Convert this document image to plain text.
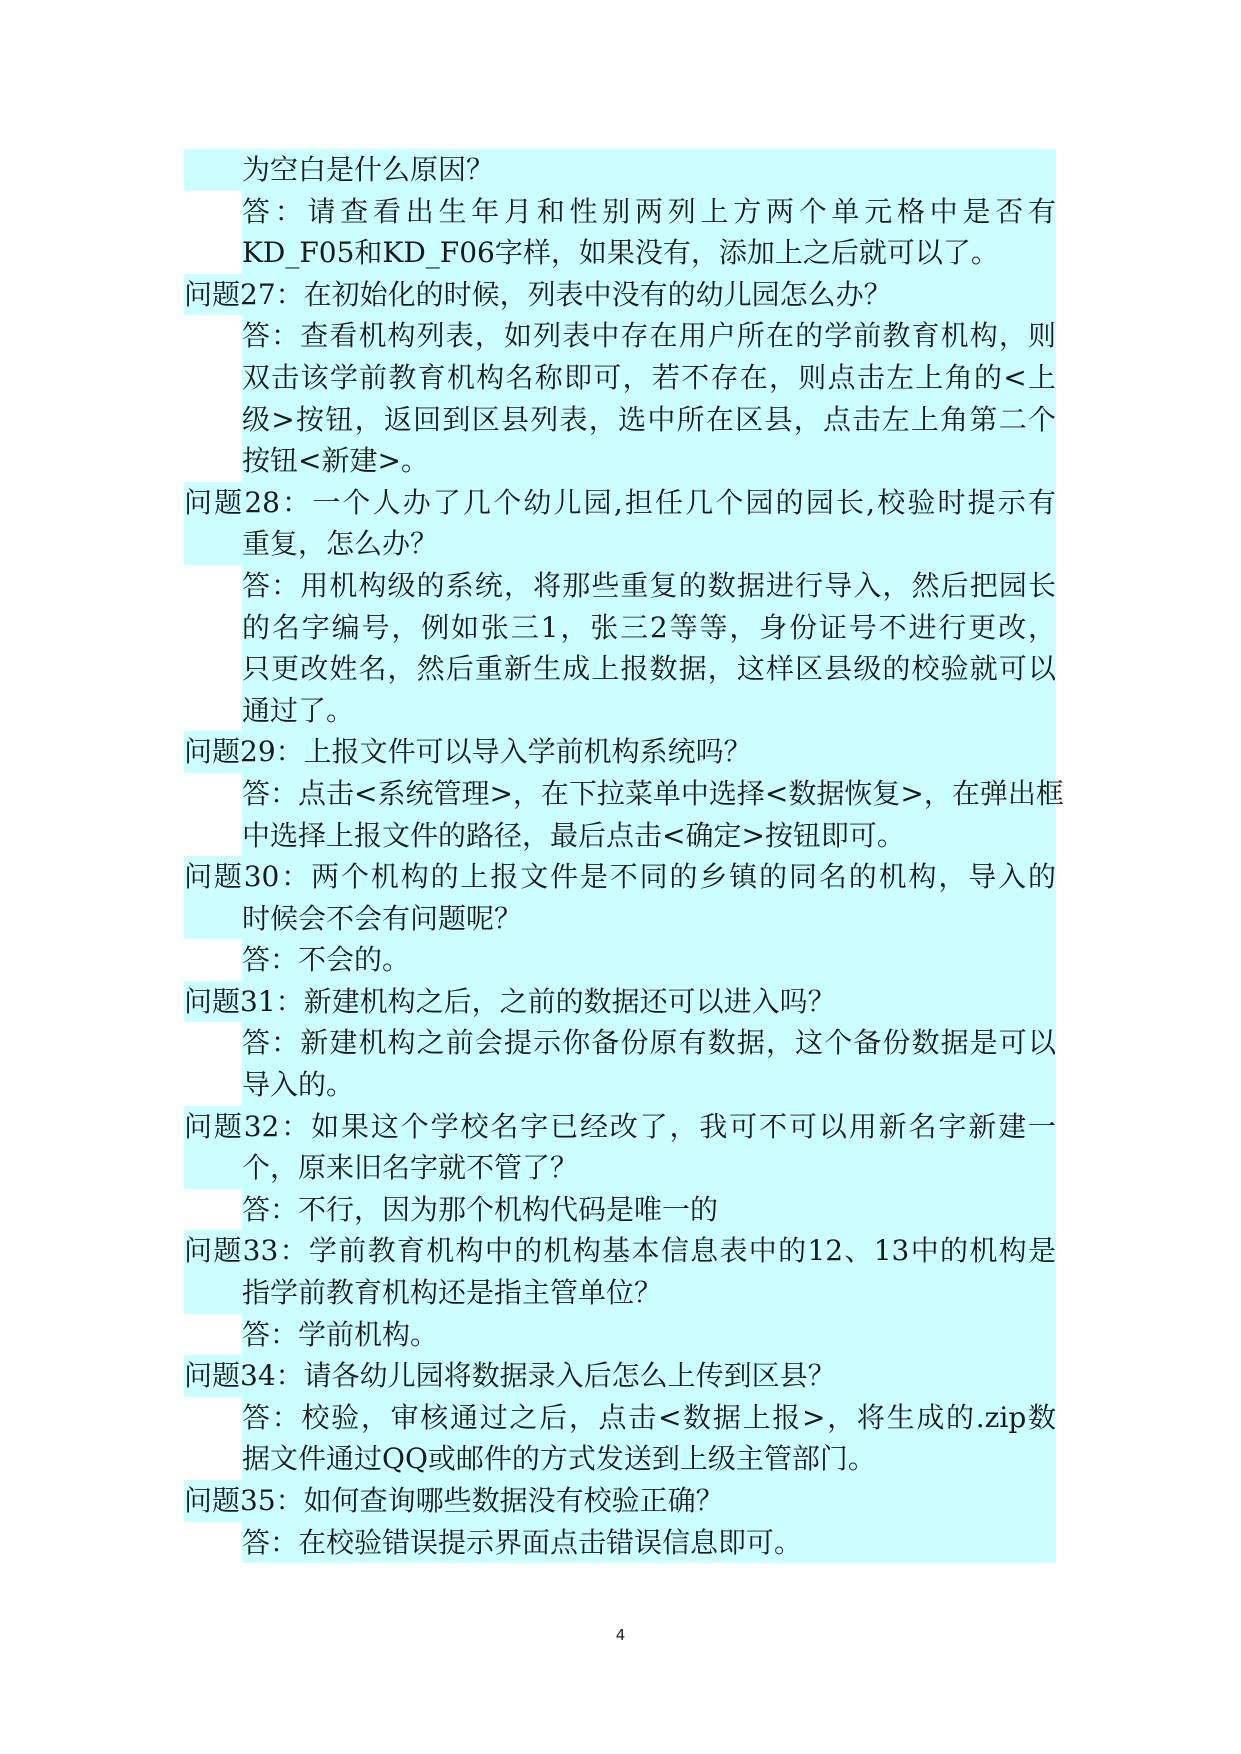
为空白是什么原因？
答：请查看出生年月和性别两列上方两个单元格中是否有
KD_F05和KD_F06字样，如果没有，添加上之后就可以了。
问题27：在初始化的时候，列表中没有的幼儿园怎么办？
答：查看机构列表，如列表中存在用户所在的学前教育机构，则
双击该学前教育机构名称即可，若不存在，则点击左上角的<上
级>按钮，返回到区县列表，选中所在区县，点击左上角第二个
按钮<新建>。
问题28：一个人办了几个幼儿园,担任几个园的园长,校验时提示有
重复，怎么办？
答：用机构级的系统，将那些重复的数据进行导入，然后把园长
的名字编号，例如张三1，张三2等等，身份证号不进行更改，
只更改姓名，然后重新生成上报数据，这样区县级的校验就可以
通过了。
问题29：上报文件可以导入学前机构系统吗？
答：点击<系统管理>，在下拉菜单中选择<数据恢复>，在弹出框
中选择上报文件的路径，最后点击<确定>按钮即可。
问题30：两个机构的上报文件是不同的乡镇的同名的机构，导入的
时候会不会有问题呢？
答：不会的。
问题31：新建机构之后，之前的数据还可以进入吗？
答：新建机构之前会提示你备份原有数据，这个备份数据是可以
导入的。
问题32：如果这个学校名字已经改了，我可不可以用新名字新建一
个，原来旧名字就不管了？
答：不行，因为那个机构代码是唯一的
问题33：学前教育机构中的机构基本信息表中的12、13中的机构是
指学前教育机构还是指主管单位？
答：学前机构。
问题34：请各幼儿园将数据录入后怎么上传到区县？
答：校验，审核通过之后，点击<数据上报>，将生成的.zip数
据文件通过QQ或邮件的方式发送到上级主管部门。
问题35：如何查询哪些数据没有校验正确？
答：在校验错误提示界面点击错误信息即可。
4
